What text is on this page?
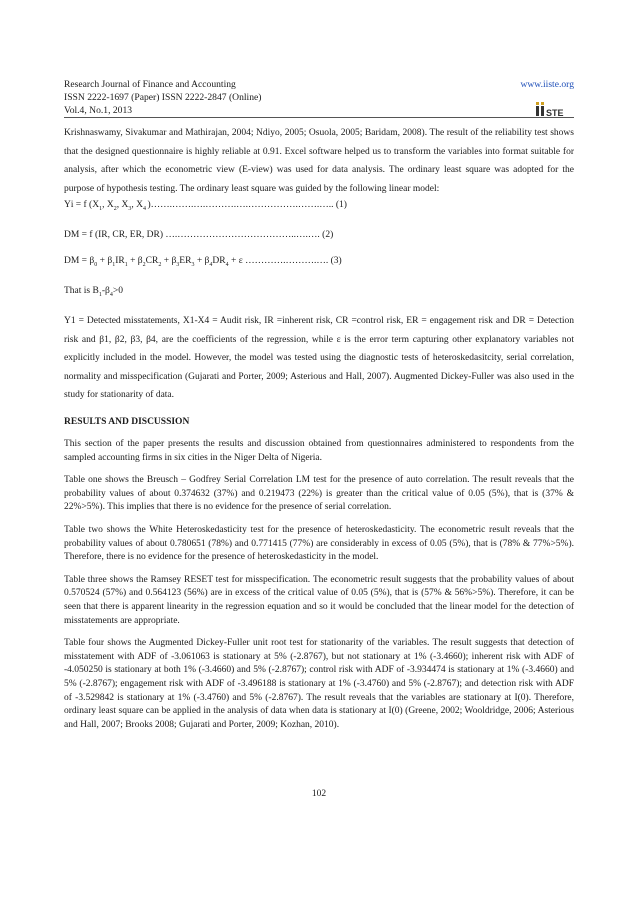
Research Journal of Finance and Accounting
ISSN 2222-1697 (Paper) ISSN 2222-2847 (Online)
Vol.4, No.1, 2013
www.iiste.org
STE

Krishnaswamy, Sivakumar and Mathirajan, 2004; Ndiyo, 2005; Osuola, 2005; Baridam, 2008). The result of the reliability test shows that the designed questionnaire is highly reliable at 0.91. Excel software helped us to transform the variables into format suitable for analysis, after which the econometric view (E-view) was used for data analysis. The ordinary least square was adopted for the purpose of hypothesis testing. The ordinary least square was guided by the following linear model:

Yi = f ($X_1$, $X_2$, $X_3$, $X_4$ )…….…….….……….….…………….…….….. (1)

DM = f (IR, CR, ER, DR) ….………………………………..….…. (2)

DM = $\beta_0 + \beta_1IR_1 + \beta_2CR_2 + \beta_3ER_3 + \beta_4DR_4 + \varepsilon$ ………….……….…. (3)

That is $B_1-\beta_4>0$

Y1 = Detected misstatements, X1-X4 = Audit risk, IR =inherent risk, CR =control risk, ER = engagement risk and DR = Detection risk and β1, β2, β3, β4, are the coefficients of the regression, while ε is the error term capturing other explanatory variables not explicitly included in the model. However, the model was tested using the diagnostic tests of heteroskedasitcity, serial correlation, normality and misspecification (Gujarati and Porter, 2009; Asterious and Hall, 2007). Augmented Dickey-Fuller was also used in the study for stationarity of data.

RESULTS AND DISCUSSION

This section of the paper presents the results and discussion obtained from questionnaires administered to respondents from the sampled accounting firms in six cities in the Niger Delta of Nigeria.

Table one shows the Breusch – Godfrey Serial Correlation LM test for the presence of auto correlation. The result reveals that the probability values of about 0.374632 (37%) and 0.219473 (22%) is greater than the critical value of 0.05 (5%), that is (37% & 22%>5%). This implies that there is no evidence for the presence of serial correlation.

Table two shows the White Heteroskedasticity test for the presence of heteroskedasticity. The econometric result reveals that the probability values of about 0.780651 (78%) and 0.771415 (77%) are considerably in excess of 0.05 (5%), that is (78% & 77%>5%). Therefore, there is no evidence for the presence of heteroskedasticity in the model.

Table three shows the Ramsey RESET test for misspecification. The econometric result suggests that the probability values of about 0.570524 (57%) and 0.564123 (56%) are in excess of the critical value of 0.05 (5%), that is (57% & 56%>5%). Therefore, it can be seen that there is apparent linearity in the regression equation and so it would be concluded that the linear model for the detection of misstatements are appropriate.

Table four shows the Augmented Dickey-Fuller unit root test for stationarity of the variables. The result suggests that detection of misstatement with ADF of -3.061063 is stationary at 5% (-2.8767), but not stationary at 1% (-3.4660); inherent risk with ADF of -4.050250 is stationary at both 1% (-3.4660) and 5% (-2.8767); control risk with ADF of -3.934474 is stationary at 1% (-3.4660) and 5% (-2.8767); engagement risk with ADF of -3.496188 is stationary at 1% (-3.4760) and 5% (-2.8767); and detection risk with ADF of -3.529842 is stationary at 1% (-3.4760) and 5% (-2.8767). The result reveals that the variables are stationary at I(0). Therefore, ordinary least square can be applied in the analysis of data when data is stationary at I(0) (Greene, 2002; Wooldridge, 2006; Asterious and Hall, 2007; Brooks 2008; Gujarati and Porter, 2009; Kozhan, 2010).

102
